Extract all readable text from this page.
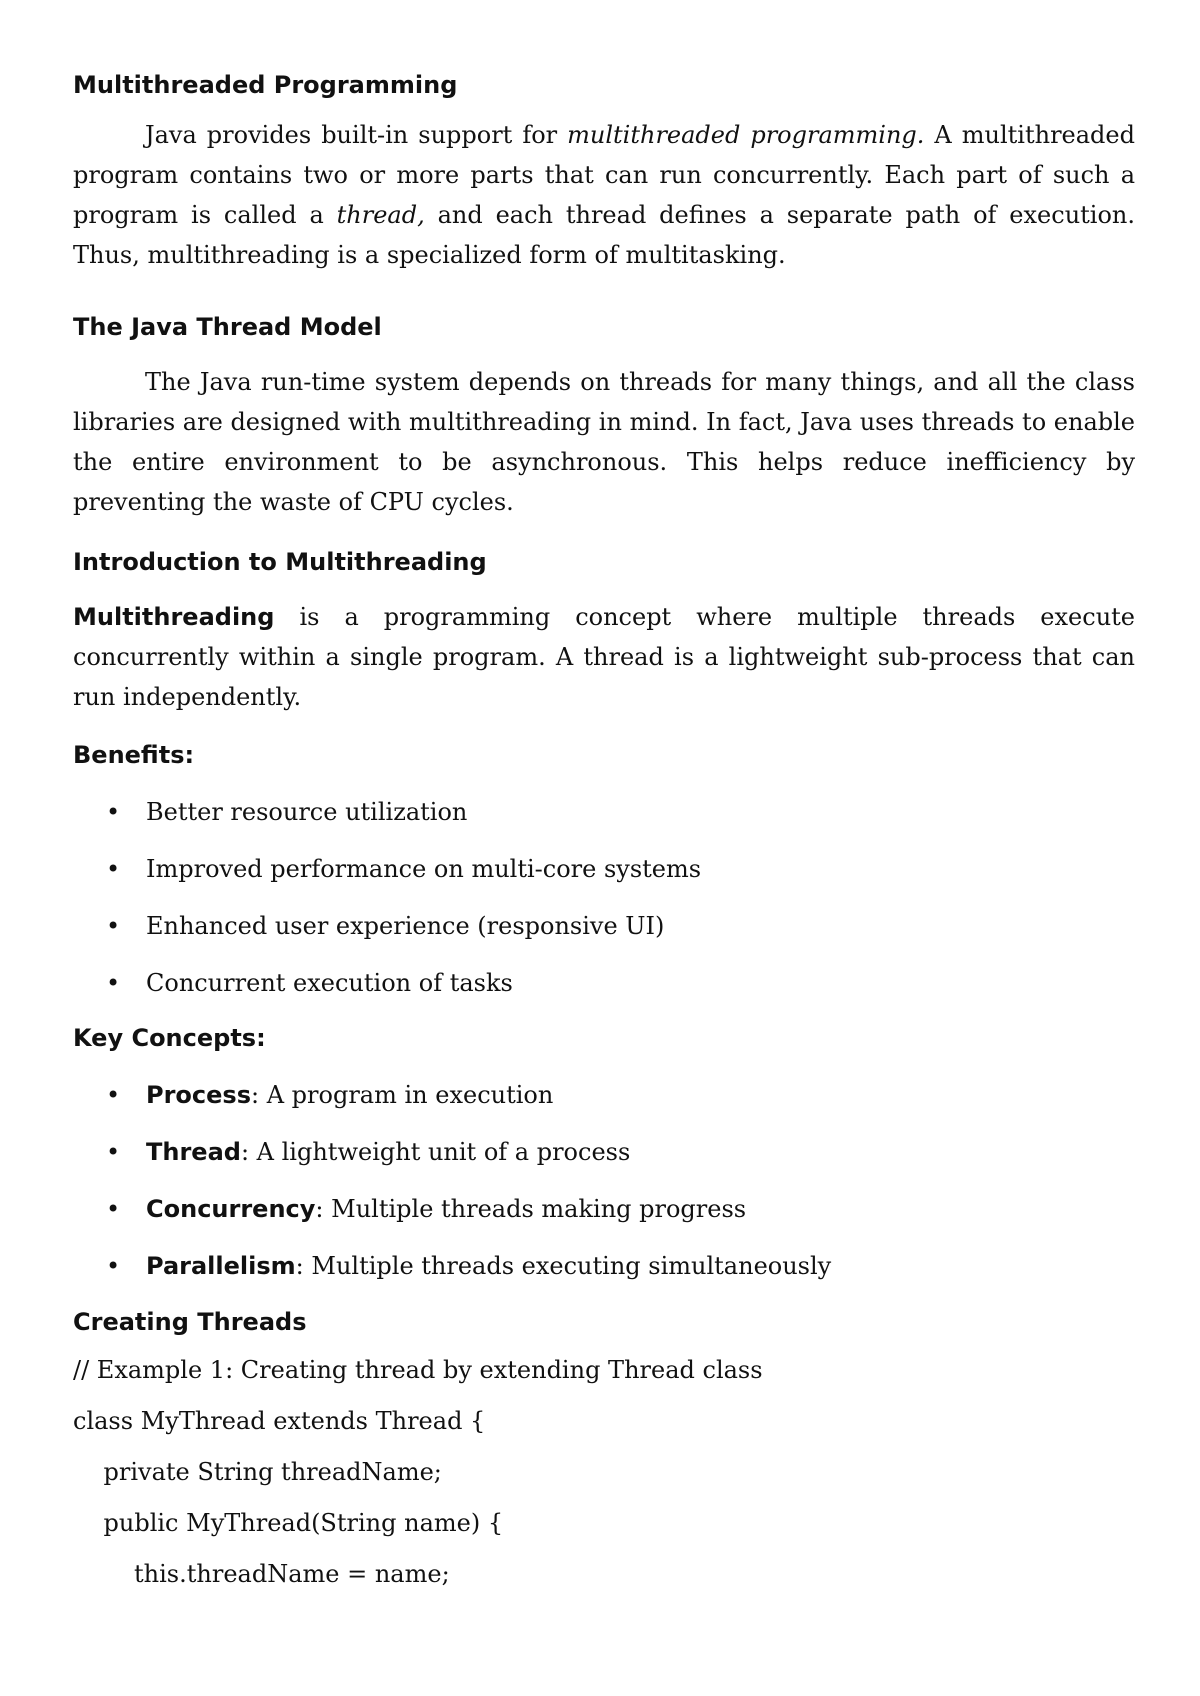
Multithreaded Programming

Java provides built-in support for multithreaded programming. A multithreaded program contains two or more parts that can run concurrently. Each part of such a program is called a thread, and each thread defines a separate path of execution. Thus, multithreading is a specialized form of multitasking.

The Java Thread Model

The Java run-time system depends on threads for many things, and all the class libraries are designed with multithreading in mind. In fact, Java uses threads to enable the entire environment to be asynchronous. This helps reduce inefficiency by preventing the waste of CPU cycles.

Introduction to Multithreading

Multithreading is a programming concept where multiple threads execute concurrently within a single program. A thread is a lightweight sub-process that can run independently.

Benefits:
• Better resource utilization
• Improved performance on multi-core systems
• Enhanced user experience (responsive UI)
• Concurrent execution of tasks
Key Concepts:
• Process: A program in execution
• Thread: A lightweight unit of a process
• Concurrency: Multiple threads making progress
• Parallelism: Multiple threads executing simultaneously
Creating Threads
// Example 1: Creating thread by extending Thread class
class MyThread extends Thread {
private String threadName;
public MyThread(String name) {
this.threadName = name;
